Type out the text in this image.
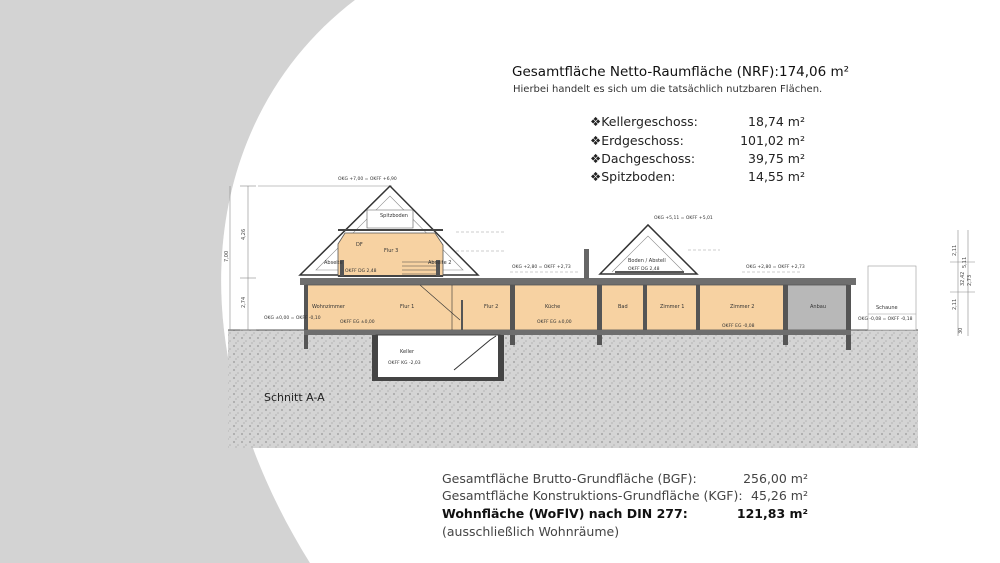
Gesamtfläche Netto-Raumfläche (NRF):174,06 m²
Hierbei handelt es sich um die tatsächlich nutzbaren Flächen.
❖Kellergeschoss:	18,74 m²
❖Erdgeschoss:	101,02 m²
❖Dachgeschoss:	39,75 m²
❖Spitzboden:	14,55 m²
Wohnzimmer	Flur 1	Flur 2	Küche	Bad	Zimmer 1	Zimmer 2	Anbau	Schaune
Keller
Flur 3
DF
Spitzboden
Boden / Abstell
Abseite	Abseite 2
OKFF EG ±0,00
OKFF DG 2,48
OKFF KG -2,03
OKFF DG 2,48
OKFF EG ±0,00
OKFF EG -0,08
OKG +2,80 = OKFF +2,73	OKG +2,80 = OKFF +2,73
OKG +7,00 = OKFF +6,90
OKG +5,11 = OKFF +5,01
OKG ±0,00 = OKFF -0,10	OKG -0,08 = OKFF -0,18
4,26
2,74
7,00
2,11
5,11
2,11
32,42 2,73
30
Schnitt A-A
Gesamtfläche Brutto-Grundfläche (BGF):	256,00 m²
Gesamtfläche Konstruktions-Grundfläche (KGF): 45,26 m²
Wohnfläche (WoFlV) nach DIN 277:	121,83 m²
(ausschließlich Wohnräume)
